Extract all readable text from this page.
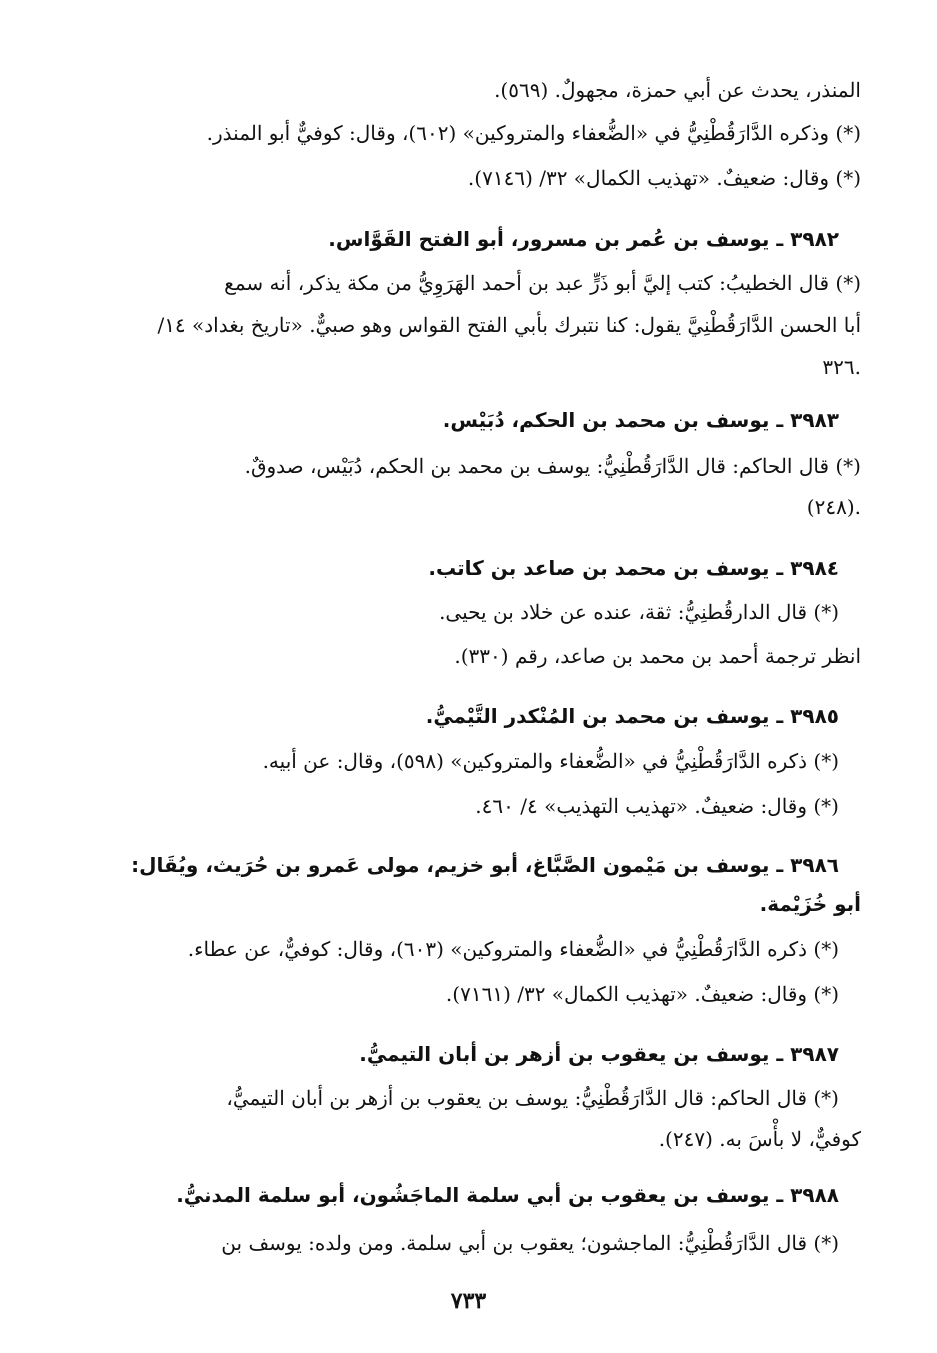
المنذر، يحدث عن أبي حمزة، مجهولٌ. (٥٦٩).
(*) وذكره الدَّارَقُطْنِيُّ في «الضُّعفاء والمتروكين» (٦٠٢)، وقال: كوفيٌّ أبو المنذر.
(*) وقال: ضعيفٌ. «تهذيب الكمال» ٣٢/ (٧١٤٦).
٣٩٨٢ ـ يوسف بن عُمر بن مسرور، أبو الفتح القَوَّاس.
(*) قال الخطيبُ: كتب إليَّ أبو ذَرٍّ عبد بن أحمد الهَرَوِيُّ من مكة يذكر، أنه سمع
أبا الحسن الدَّارَقُطْنِيَّ يقول: كنا نتبرك بأبي الفتح القواس وهو صبيٌّ. «تاريخ بغداد» ١٤/
٣٢٦.
٣٩٨٣ ـ يوسف بن محمد بن الحكم، دُبَيْس.
(*) قال الحاكم: قال الدَّارَقُطْنِيُّ: يوسف بن محمد بن الحكم، دُبَيْس، صدوقٌ.
(٢٤٨).
٣٩٨٤ ـ يوسف بن محمد بن صاعد بن كاتب.
(*) قال الدارقُطنِيُّ: ثقة، عنده عن خلاد بن يحيى.
انظر ترجمة أحمد بن محمد بن صاعد، رقم (٣٣٠).
٣٩٨٥ ـ يوسف بن محمد بن المُنْكدر التَّيْميُّ.
(*) ذكره الدَّارَقُطْنِيُّ في «الضُّعفاء والمتروكين» (٥٩٨)، وقال: عن أبيه.
(*) وقال: ضعيفٌ. «تهذيب التهذيب» ٤/ ٤٦٠.
٣٩٨٦ ـ يوسف بن مَيْمون الصَّبَّاغ، أبو خزيم، مولى عَمرو بن حُرَيث، ويُقَال:
أبو خُزَيْمة.
(*) ذكره الدَّارَقُطْنِيُّ في «الضُّعفاء والمتروكين» (٦٠٣)، وقال: كوفيٌّ، عن عطاء.
(*) وقال: ضعيفٌ. «تهذيب الكمال» ٣٢/ (٧١٦١).
٣٩٨٧ ـ يوسف بن يعقوب بن أزهر بن أبان التيميُّ.
(*) قال الحاكم: قال الدَّارَقُطْنِيُّ: يوسف بن يعقوب بن أزهر بن أبان التيميُّ،
كوفيٌّ، لا بأْسَ به. (٢٤٧).
٣٩٨٨ ـ يوسف بن يعقوب بن أبي سلمة الماجَشُون، أبو سلمة المدنيُّ.
(*) قال الدَّارَقُطْنِيُّ: الماجشون؛ يعقوب بن أبي سلمة. ومن ولده: يوسف بن
٧٣٣
